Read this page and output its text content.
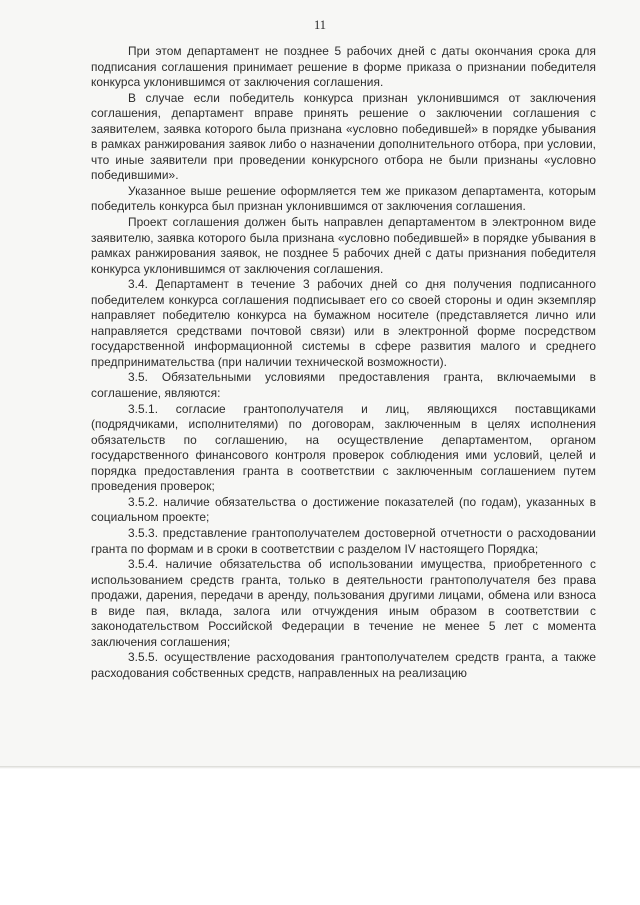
11

При этом департамент не позднее 5 рабочих дней с даты окончания срока для подписания соглашения принимает решение в форме приказа о признании победителя конкурса уклонившимся от заключения соглашения.

В случае если победитель конкурса признан уклонившимся от заключения соглашения, департамент вправе принять решение о заключении соглашения с заявителем, заявка которого была признана «условно победившей» в порядке убывания в рамках ранжирования заявок либо о назначении дополнительного отбора, при условии, что иные заявители при проведении конкурсного отбора не были признаны «условно победившими».

Указанное выше решение оформляется тем же приказом департамента, которым победитель конкурса был признан уклонившимся от заключения соглашения.

Проект соглашения должен быть направлен департаментом в электронном виде заявителю, заявка которого была признана «условно победившей» в порядке убывания в рамках ранжирования заявок, не позднее 5 рабочих дней с даты признания победителя конкурса уклонившимся от заключения соглашения.

3.4. Департамент в течение 3 рабочих дней со дня получения подписанного победителем конкурса соглашения подписывает его со своей стороны и один экземпляр направляет победителю конкурса на бумажном носителе (представляется лично или направляется средствами почтовой связи) или в электронной форме посредством государственной информационной системы в сфере развития малого и среднего предпринимательства (при наличии технической возможности).

3.5. Обязательными условиями предоставления гранта, включаемыми в соглашение, являются:

3.5.1. согласие грантополучателя и лиц, являющихся поставщиками (подрядчиками, исполнителями) по договорам, заключенным в целях исполнения обязательств по соглашению, на осуществление департаментом, органом государственного финансового контроля проверок соблюдения ими условий, целей и порядка предоставления гранта в соответствии с заключенным соглашением путем проведения проверок;

3.5.2. наличие обязательства о достижение показателей (по годам), указанных в социальном проекте;

3.5.3. представление грантополучателем достоверной отчетности о расходовании гранта по формам и в сроки в соответствии с разделом IV настоящего Порядка;

3.5.4. наличие обязательства об использовании имущества, приобретенного с использованием средств гранта, только в деятельности грантополучателя без права продажи, дарения, передачи в аренду, пользования другими лицами, обмена или взноса в виде пая, вклада, залога или отчуждения иным образом в соответствии с законодательством Российской Федерации в течение не менее 5 лет с момента заключения соглашения;

3.5.5. осуществление расходования грантополучателем средств гранта, а также расходования собственных средств, направленных на реализацию
